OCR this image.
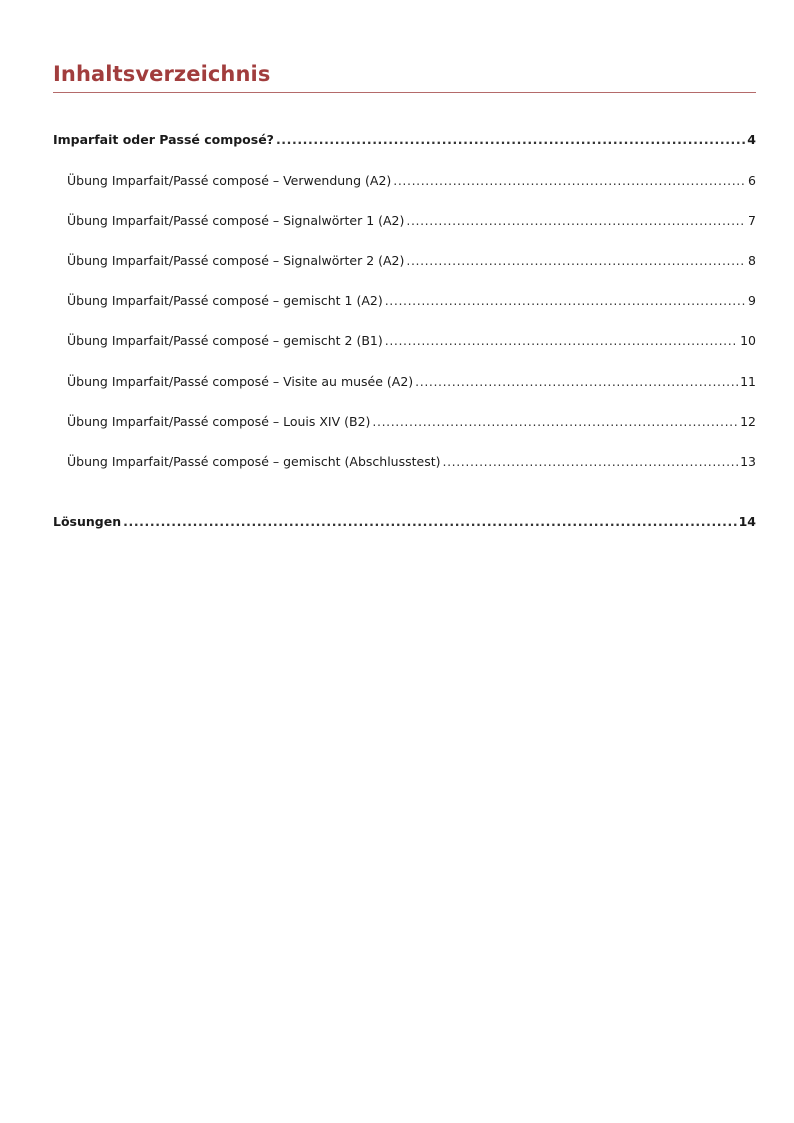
Inhaltsverzeichnis
Imparfait oder Passé composé? .....	4
Übung Imparfait/Passé composé – Verwendung (A2) .....	6
Übung Imparfait/Passé composé – Signalwörter 1 (A2) .....	7
Übung Imparfait/Passé composé – Signalwörter 2 (A2) .....	8
Übung Imparfait/Passé composé – gemischt 1 (A2) .....	9
Übung Imparfait/Passé composé – gemischt 2 (B1) .....	10
Übung Imparfait/Passé composé – Visite au musée (A2) .....	11
Übung Imparfait/Passé composé – Louis XIV (B2) .....	12
Übung Imparfait/Passé composé – gemischt (Abschlusstest) .....	13
Lösungen .....	14
